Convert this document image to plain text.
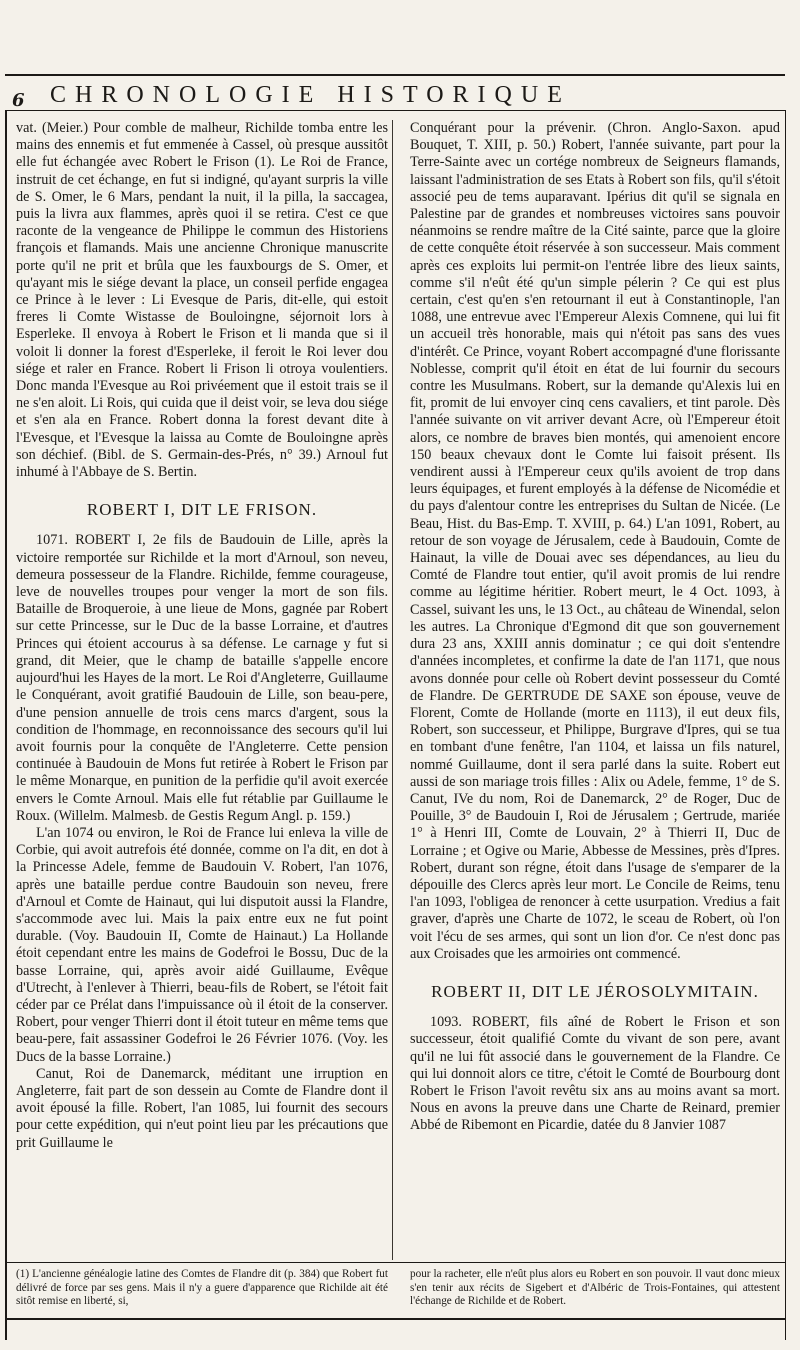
6 CHRONOLOGIE HISTORIQUE

vat. (Meier.) Pour comble de malheur, Richilde tomba entre les mains des ennemis et fut emmenée à Cassel, où presque aussitôt elle fut échangée avec Robert le Frison (1). Le Roi de France, instruit de cet échange, en fut si indigné, qu'ayant surpris la ville de S. Omer, le 6 Mars, pendant la nuit, il la pilla, la saccagea, puis la livra aux flammes, après quoi il se retira. C'est ce que raconte de la vengeance de Philippe le commun des Historiens françois et flamands. Mais une ancienne Chronique manuscrite porte qu'il ne prit et brûla que les fauxbourgs de S. Omer, et qu'ayant mis le siége devant la place, un conseil perfide engagea ce Prince à le lever : Li Evesque de Paris, dit-elle, qui estoit freres li Comte Wistasse de Bouloingne, séjornoit lors à Esperleke. Il envoya à Robert le Frison et li manda que si il voloit li donner la forest d'Esperleke, il feroit le Roi lever dou siége et raler en France. Robert li Frison li otroya voulentiers. Donc manda l'Evesque au Roi privéement que il estoit trais se il ne s'en aloit. Li Rois, qui cuida que il deist voir, se leva dou siége et s'en ala en France. Robert donna la forest devant dite à l'Evesque, et l'Evesque la laissa au Comte de Bouloingne après son déchief. (Bibl. de S. Germain-des-Prés, n° 39.) Arnoul fut inhumé à l'Abbaye de S. Bertin.

ROBERT I, DIT LE FRISON.

1071. ROBERT I, 2e fils de Baudouin de Lille, après la victoire remportée sur Richilde et la mort d'Arnoul, son neveu, demeura possesseur de la Flandre. Richilde, femme courageuse, leve de nouvelles troupes pour venger la mort de son fils. Bataille de Broqueroie, à une lieue de Mons, gagnée par Robert sur cette Princesse, sur le Duc de la basse Lorraine, et d'autres Princes qui étoient accourus à sa défense. Le carnage y fut si grand, dit Meier, que le champ de bataille s'appelle encore aujourd'hui les Hayes de la mort. Le Roi d'Angleterre, Guillaume le Conquérant, avoit gratifié Baudouin de Lille, son beau-pere, d'une pension annuelle de trois cens marcs d'argent, sous la condition de l'hommage, en reconnoissance des secours qu'il lui avoit fournis pour la conquête de l'Angleterre. Cette pension continuée à Baudouin de Mons fut retirée à Robert le Frison par le même Monarque, en punition de la perfidie qu'il avoit exercée envers le Comte Arnoul. Mais elle fut rétablie par Guillaume le Roux. (Willelm. Malmesb. de Gestis Regum Angl. p. 159.)

L'an 1074 ou environ, le Roi de France lui enleva la ville de Corbie, qui avoit autrefois été donnée, comme on l'a dit, en dot à la Princesse Adele, femme de Baudouin V. Robert, l'an 1076, après une bataille perdue contre Baudouin son neveu, frere d'Arnoul et Comte de Hainaut, qui lui disputoit aussi la Flandre, s'accommode avec lui. Mais la paix entre eux ne fut point durable. (Voy. Baudouin II, Comte de Hainaut.) La Hollande étoit cependant entre les mains de Godefroi le Bossu, Duc de la basse Lorraine, qui, après avoir aidé Guillaume, Evêque d'Utrecht, à l'enlever à Thierri, beau-fils de Robert, se l'étoit fait céder par ce Prélat dans l'impuissance où il étoit de la conserver. Robert, pour venger Thierri dont il étoit tuteur en même tems que beau-pere, fait assassiner Godefroi le 26 Février 1076. (Voy. les Ducs de la basse Lorraine.)

Canut, Roi de Danemarck, méditant une irruption en Angleterre, fait part de son dessein au Comte de Flandre dont il avoit épousé la fille. Robert, l'an 1085, lui fournit des secours pour cette expédition, qui n'eut point lieu par les précautions que prit Guillaume le

Conquérant pour la prévenir. (Chron. Anglo-Saxon. apud Bouquet, T. XIII, p. 50.) Robert, l'année suivante, part pour la Terre-Sainte avec un cortége nombreux de Seigneurs flamands, laissant l'administration de ses Etats à Robert son fils, qu'il s'étoit associé peu de tems auparavant. Ipérius dit qu'il se signala en Palestine par de grandes et nombreuses victoires sans pouvoir néanmoins se rendre maître de la Cité sainte, parce que la gloire de cette conquête étoit réservée à son successeur. Mais comment après ces exploits lui permit-on l'entrée libre des lieux saints, comme s'il n'eût été qu'un simple pélerin ? Ce qui est plus certain, c'est qu'en s'en retournant il eut à Constantinople, l'an 1088, une entrevue avec l'Empereur Alexis Comnene, qui lui fit un accueil très honorable, mais qui n'étoit pas sans des vues d'intérêt. Ce Prince, voyant Robert accompagné d'une florissante Noblesse, comprit qu'il étoit en état de lui fournir du secours contre les Musulmans. Robert, sur la demande qu'Alexis lui en fit, promit de lui envoyer cinq cens cavaliers, et tint parole. Dès l'année suivante on vit arriver devant Acre, où l'Empereur étoit alors, ce nombre de braves bien montés, qui amenoient encore 150 beaux chevaux dont le Comte lui faisoit présent. Ils vendirent aussi à l'Empereur ceux qu'ils avoient de trop dans leurs équipages, et furent employés à la défense de Nicomédie et du pays d'alentour contre les entreprises du Sultan de Nicée. (Le Beau, Hist. du Bas-Emp. T. XVIII, p. 64.) L'an 1091, Robert, au retour de son voyage de Jérusalem, cede à Baudouin, Comte de Hainaut, la ville de Douai avec ses dépendances, au lieu du Comté de Flandre tout entier, qu'il avoit promis de lui rendre comme au légitime héritier. Robert meurt, le 4 Oct. 1093, à Cassel, suivant les uns, le 13 Oct., au château de Winendal, selon les autres. La Chronique d'Egmond dit que son gouvernement dura 23 ans, XXIII annis dominatur ; ce qui doit s'entendre d'années incompletes, et confirme la date de l'an 1171, que nous avons donnée pour celle où Robert devint possesseur du Comté de Flandre. De GERTRUDE DE SAXE son épouse, veuve de Florent, Comte de Hollande (morte en 1113), il eut deux fils, Robert, son successeur, et Philippe, Burgrave d'Ipres, qui se tua en tombant d'une fenêtre, l'an 1104, et laissa un fils naturel, nommé Guillaume, dont il sera parlé dans la suite. Robert eut aussi de son mariage trois filles : Alix ou Adele, femme, 1° de S. Canut, IVe du nom, Roi de Danemarck, 2° de Roger, Duc de Pouille, 3° de Baudouin I, Roi de Jérusalem ; Gertrude, mariée 1° à Henri III, Comte de Louvain, 2° à Thierri II, Duc de Lorraine ; et Ogive ou Marie, Abbesse de Messines, près d'Ipres. Robert, durant son régne, étoit dans l'usage de s'emparer de la dépouille des Clercs après leur mort. Le Concile de Reims, tenu l'an 1093, l'obligea de renoncer à cette usurpation. Vredius a fait graver, d'après une Charte de 1072, le sceau de Robert, où l'on voit l'écu de ses armes, qui sont un lion d'or. Ce n'est donc pas aux Croisades que les armoiries ont commencé.

ROBERT II, DIT LE JÉROSOLYMITAIN.

1093. ROBERT, fils aîné de Robert le Frison et son successeur, étoit qualifié Comte du vivant de son pere, avant qu'il ne lui fût associé dans le gouvernement de la Flandre. Ce qui lui donnoit alors ce titre, c'étoit le Comté de Bourbourg dont Robert le Frison l'avoit revêtu six ans au moins avant sa mort. Nous en avons la preuve dans une Charte de Reinard, premier Abbé de Ribemont en Picardie, datée du 8 Janvier 1087

(1) L'ancienne généalogie latine des Comtes de Flandre dit (p. 384) que Robert fut délivré de force par ses gens. Mais il n'y a guere d'apparence que Richilde ait été sitôt remise en liberté, si,
pour la racheter, elle n'eût plus alors eu Robert en son pouvoir. Il vaut donc mieux s'en tenir aux récits de Sigebert et d'Albéric de Trois-Fontaines, qui attestent l'échange de Richilde et de Robert.
